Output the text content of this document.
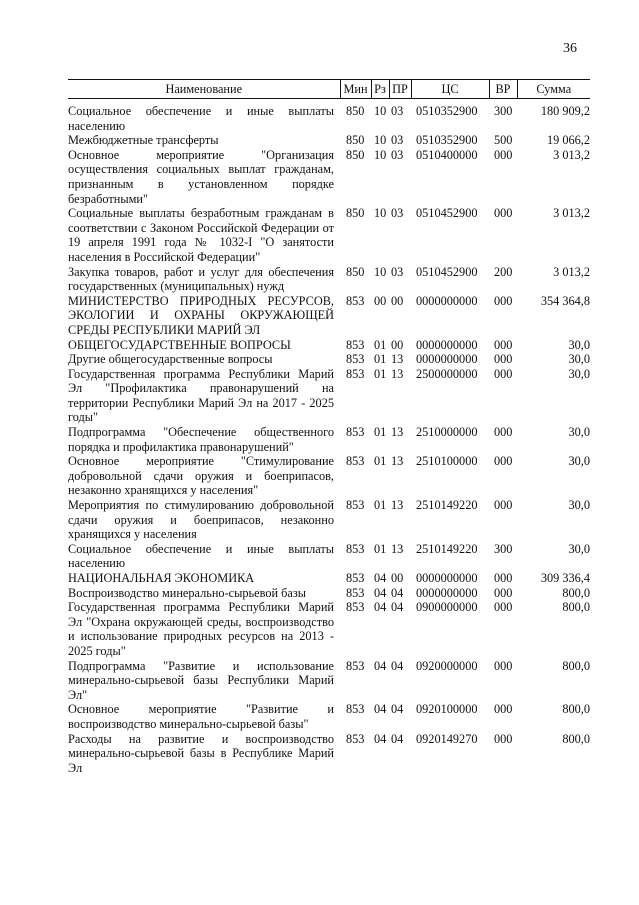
36
Наименование	Мин	Рз	ПР	ЦС	ВР	Сумма
Социальное обеспечение и иные выплаты населению	850	10	03	0510352900	300	180 909,2
Межбюджетные трансферты	850	10	03	0510352900	500	19 066,2
Основное мероприятие "Организация осуществления социальных выплат гражданам, признанным в установленном порядке безработными"	850	10	03	0510400000	000	3 013,2
Социальные выплаты безработным гражданам в соответствии с Законом Российской Федерации от 19 апреля 1991 года № 1032-I "О занятости населения в Российской Федерации"	850	10	03	0510452900	000	3 013,2
Закупка товаров, работ и услуг для обеспечения государственных (муниципальных) нужд	850	10	03	0510452900	200	3 013,2
МИНИСТЕРСТВО ПРИРОДНЫХ РЕСУРСОВ, ЭКОЛОГИИ И ОХРАНЫ ОКРУЖАЮЩЕЙ СРЕДЫ РЕСПУБЛИКИ МАРИЙ ЭЛ	853	00	00	0000000000	000	354 364,8
ОБЩЕГОСУДАРСТВЕННЫЕ ВОПРОСЫ	853	01	00	0000000000	000	30,0
Другие общегосударственные вопросы	853	01	13	0000000000	000	30,0
Государственная программа Республики Марий Эл "Профилактика правонарушений на территории Республики Марий Эл на 2017 - 2025 годы"	853	01	13	2500000000	000	30,0
Подпрограмма "Обеспечение общественного порядка и профилактика правонарушений"	853	01	13	2510000000	000	30,0
Основное мероприятие "Стимулирование добровольной сдачи оружия и боеприпасов, незаконно хранящихся у населения"	853	01	13	2510100000	000	30,0
Мероприятия по стимулированию добровольной сдачи оружия и боеприпасов, незаконно хранящихся у населения	853	01	13	2510149220	000	30,0
Социальное обеспечение и иные выплаты населению	853	01	13	2510149220	300	30,0
НАЦИОНАЛЬНАЯ ЭКОНОМИКА	853	04	00	0000000000	000	309 336,4
Воспроизводство минерально-сырьевой базы	853	04	04	0000000000	000	800,0
Государственная программа Республики Марий Эл "Охрана окружающей среды, воспроизводство и использование природных ресурсов на 2013 - 2025 годы"	853	04	04	0900000000	000	800,0
Подпрограмма "Развитие и использование минерально-сырьевой базы Республики Марий Эл"	853	04	04	0920000000	000	800,0
Основное мероприятие "Развитие и воспроизводство минерально-сырьевой базы"	853	04	04	0920100000	000	800,0
Расходы на развитие и воспроизводство минерально-сырьевой базы в Республике Марий Эл	853	04	04	0920149270	000	800,0
